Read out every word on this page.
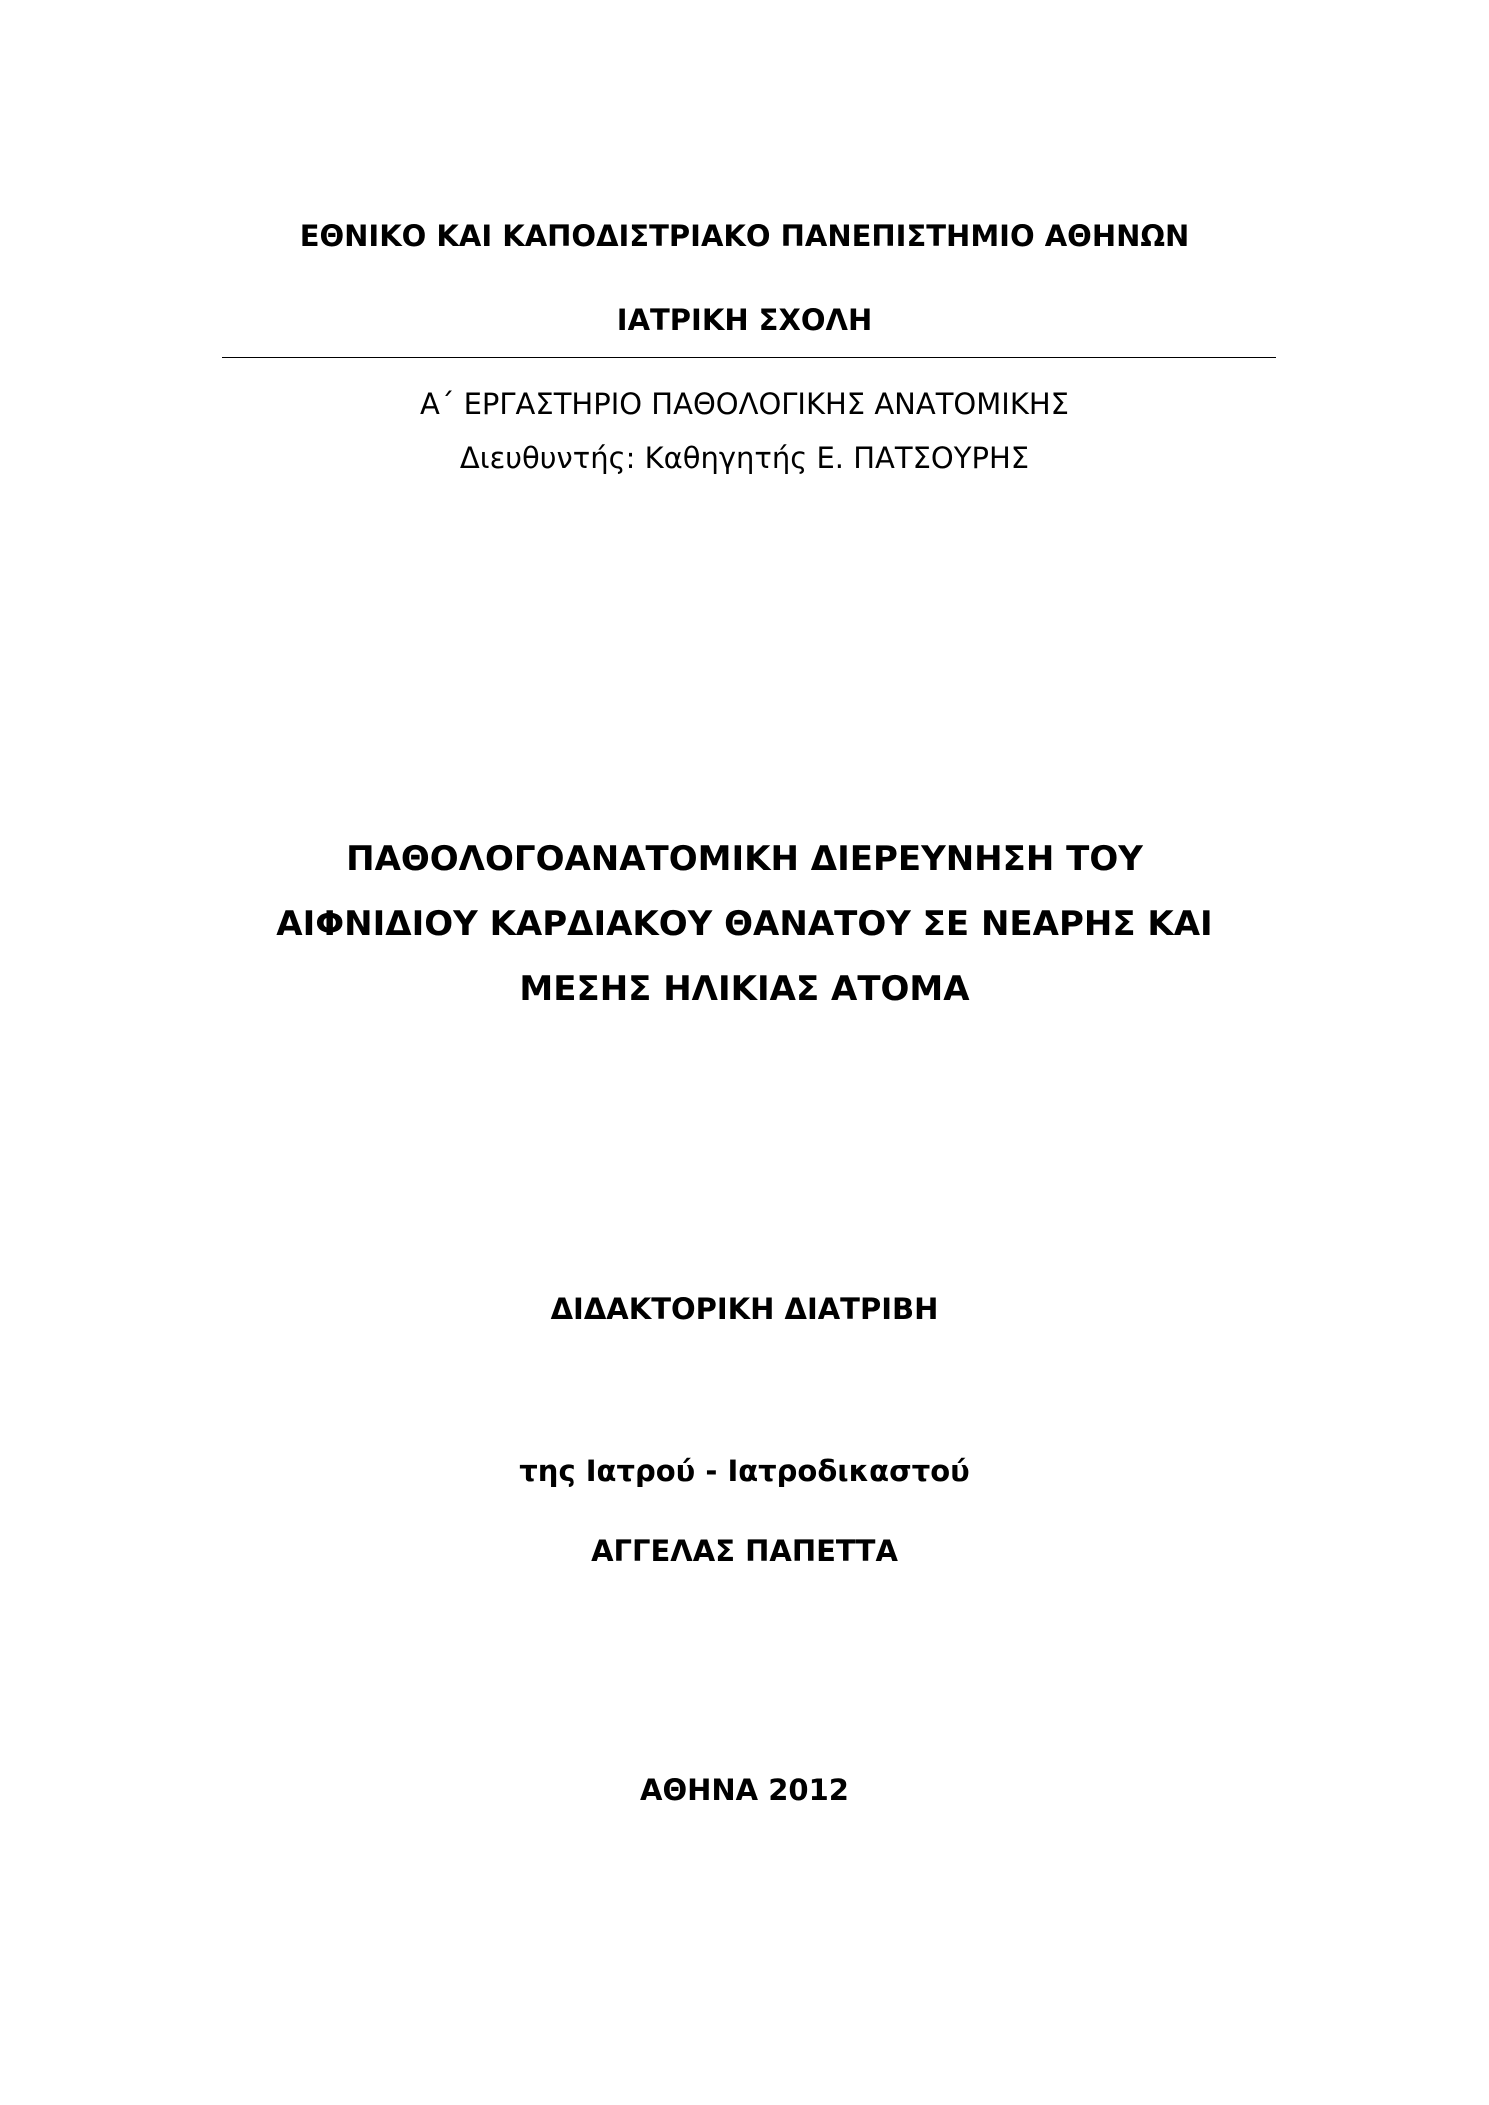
ΕΘΝΙΚΟ ΚΑΙ ΚΑΠΟΔΙΣΤΡΙΑΚΟ ΠΑΝΕΠΙΣΤΗΜΙΟ ΑΘΗΝΩΝ
ΙΑΤΡΙΚΗ ΣΧΟΛΗ
Α΄ ΕΡΓΑΣΤΗΡΙΟ ΠΑΘΟΛΟΓΙΚΗΣ ΑΝΑΤΟΜΙΚΗΣ
Διευθυντής: Καθηγητής Ε. ΠΑΤΣΟΥΡΗΣ
ΠΑΘΟΛΟΓΟΑΝΑΤΟΜΙΚΗ ΔΙΕΡΕΥΝΗΣΗ ΤΟΥ
ΑΙΦΝΙΔΙΟΥ ΚΑΡΔΙΑΚΟΥ ΘΑΝΑΤΟΥ ΣΕ ΝΕΑΡΗΣ ΚΑΙ
ΜΕΣΗΣ ΗΛΙΚΙΑΣ ΑΤΟΜΑ
ΔΙΔΑΚΤΟΡΙΚΗ ΔΙΑΤΡΙΒΗ
της Ιατρού - Ιατροδικαστού
ΑΓΓΕΛΑΣ ΠΑΠΕΤΤΑ
ΑΘΗΝΑ 2012
